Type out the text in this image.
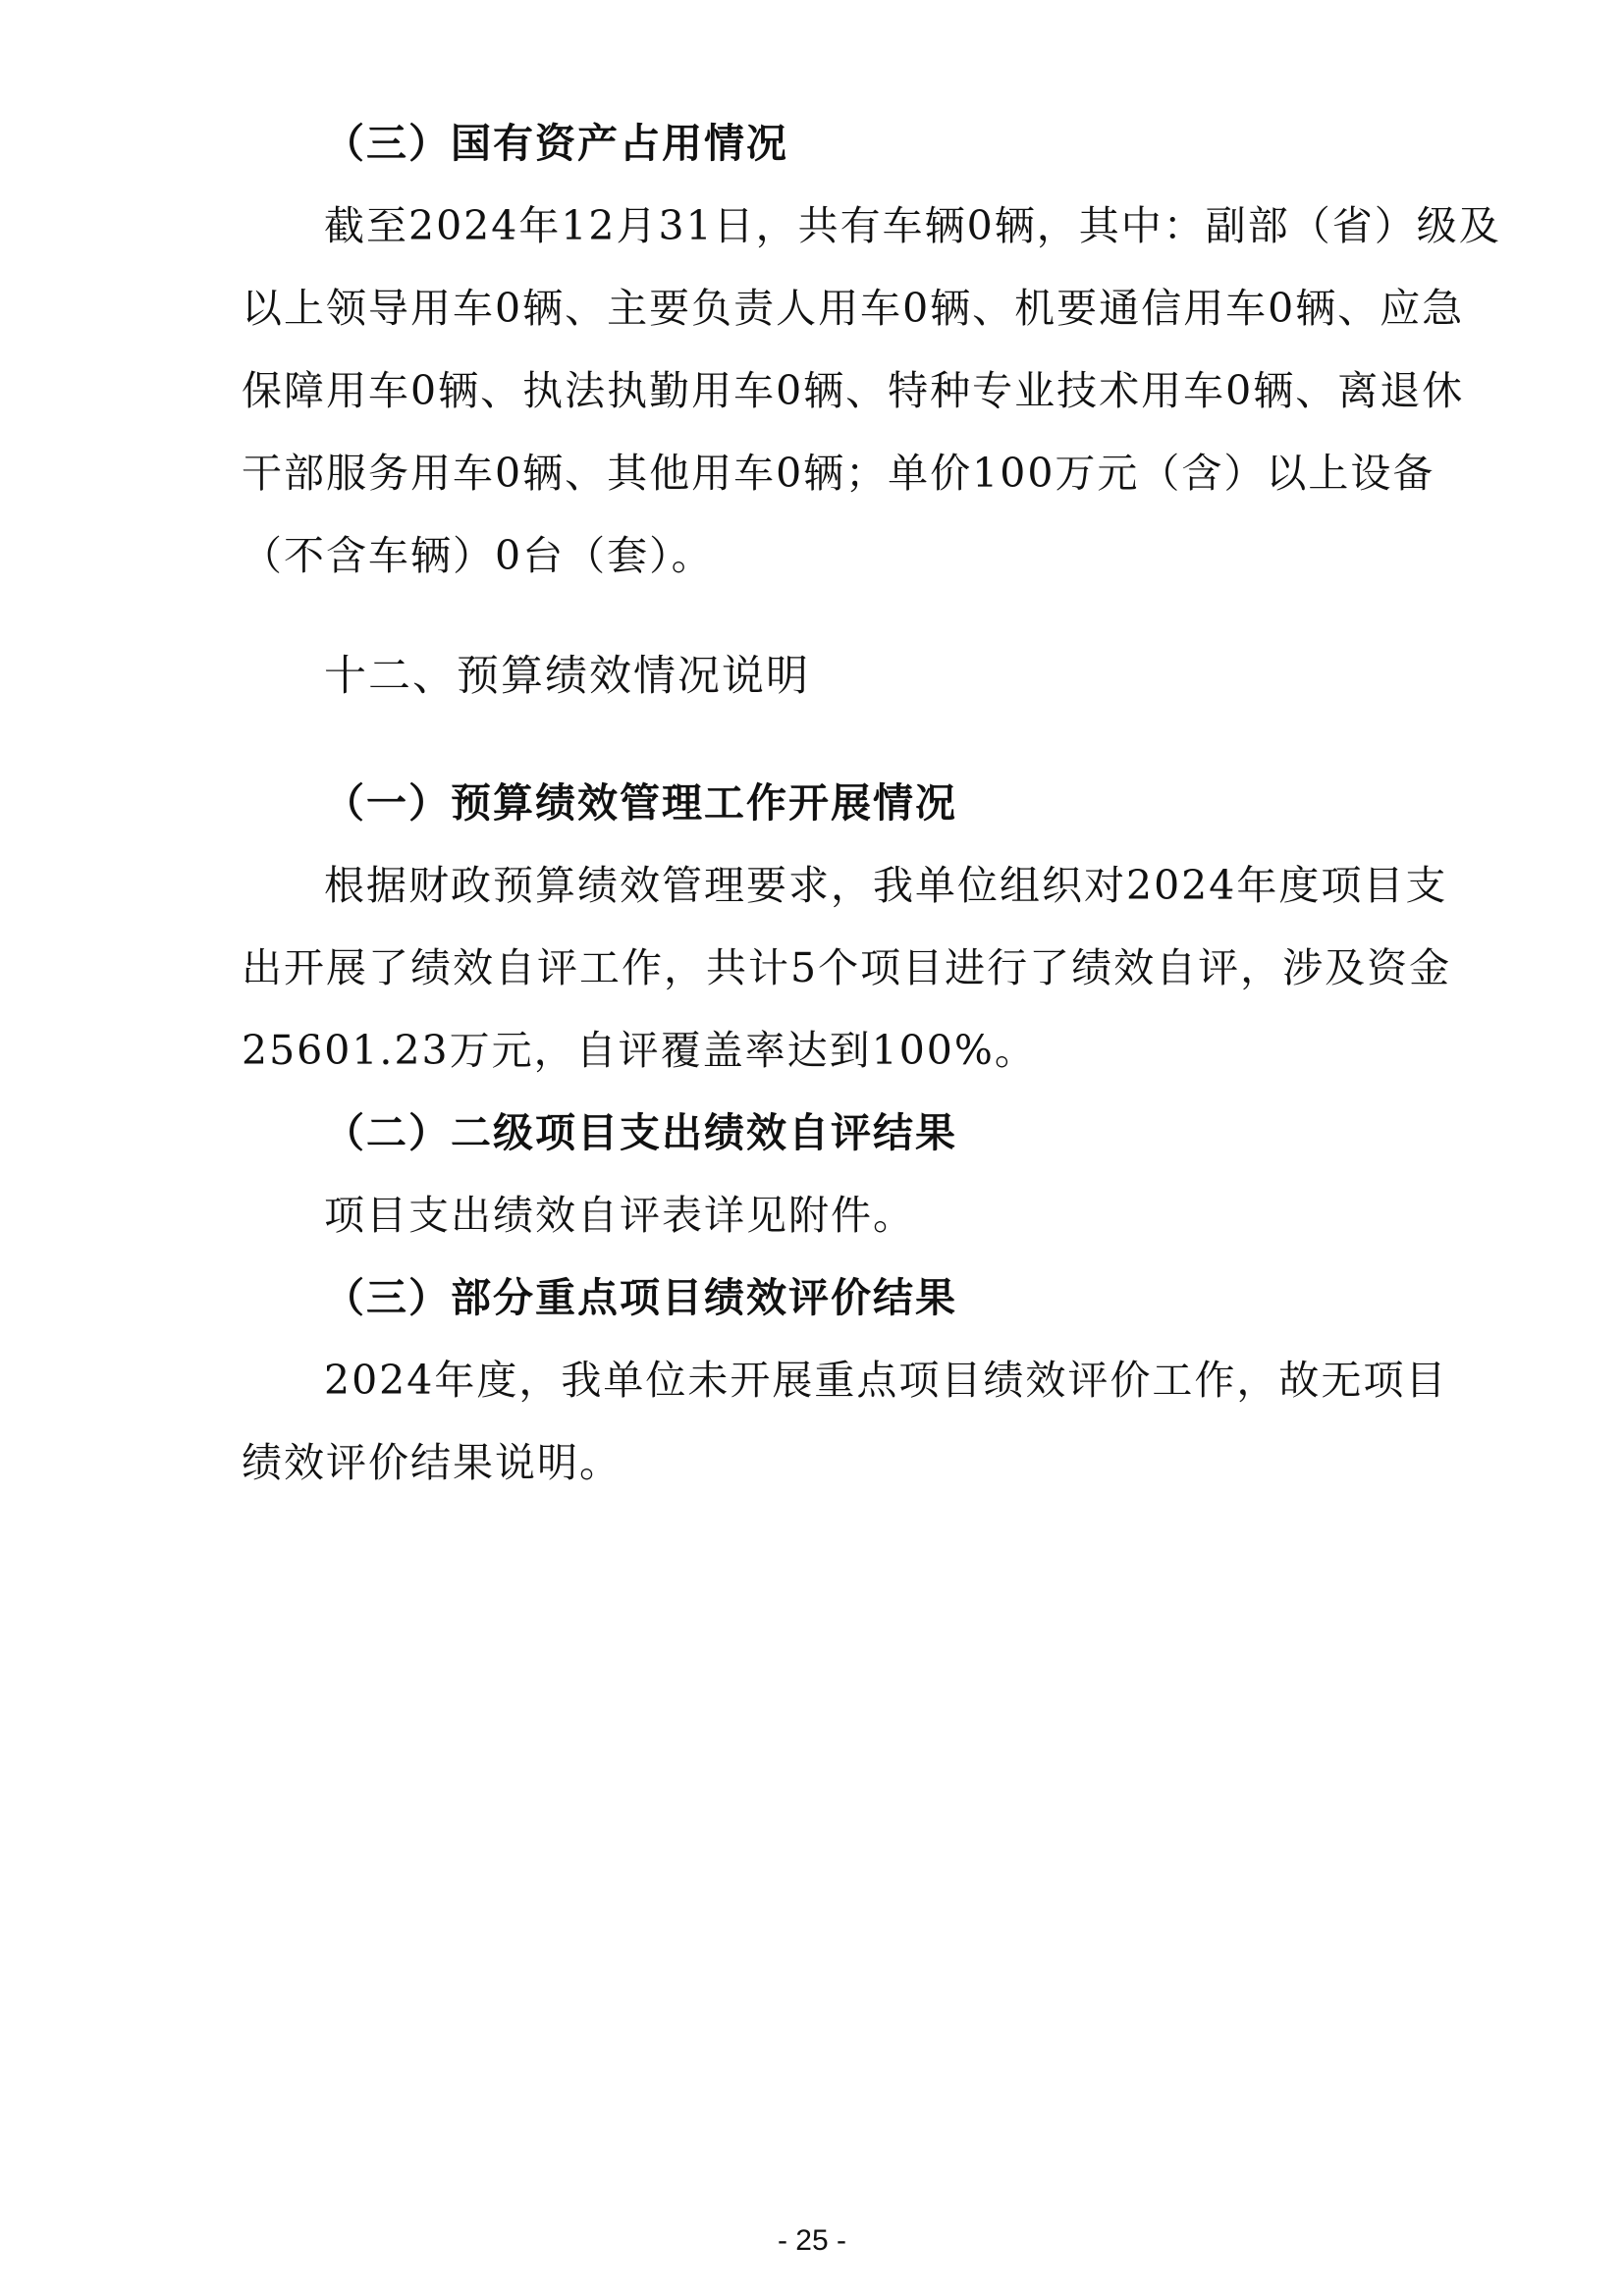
（三）国有资产占用情况
截至2024年12月31日，共有车辆0辆，其中：副部（省）级及
以上领导用车0辆、主要负责人用车0辆、机要通信用车0辆、应急
保障用车0辆、执法执勤用车0辆、特种专业技术用车0辆、离退休
干部服务用车0辆、其他用车0辆；单价100万元（含）以上设备
（不含车辆）0台（套）。
十二、预算绩效情况说明
（一）预算绩效管理工作开展情况
根据财政预算绩效管理要求，我单位组织对2024年度项目支
出开展了绩效自评工作，共计5个项目进行了绩效自评，涉及资金
25601.23万元，自评覆盖率达到100%。
（二）二级项目支出绩效自评结果
项目支出绩效自评表详见附件。
（三）部分重点项目绩效评价结果
2024年度，我单位未开展重点项目绩效评价工作，故无项目
绩效评价结果说明。
- 25 -
